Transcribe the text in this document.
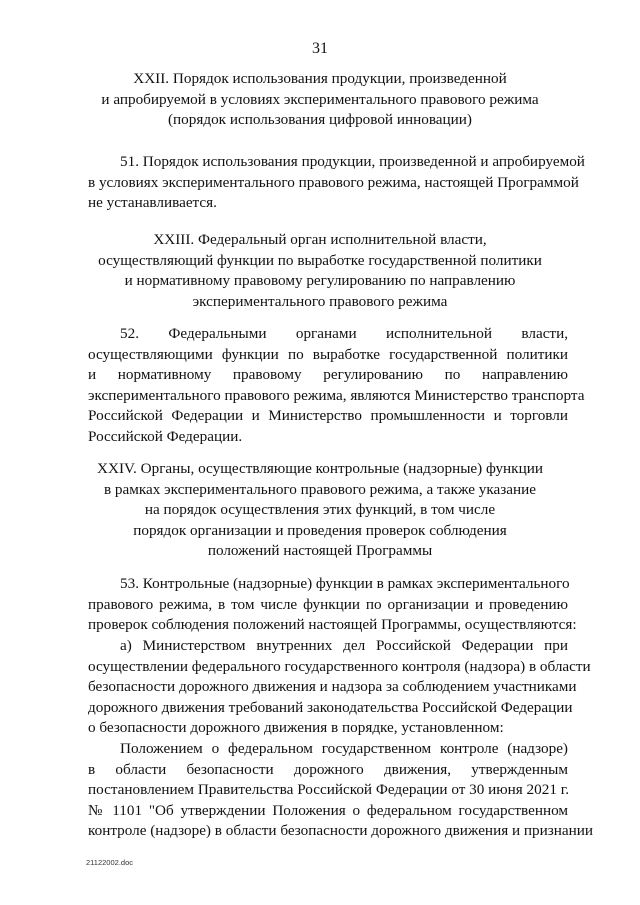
31
XXII. Порядок использования продукции, произведенной
и апробируемой в условиях экспериментального правового режима
(порядок использования цифровой инновации)
51. Порядок использования продукции, произведенной и апробируемой
в условиях экспериментального правового режима, настоящей Программой
не устанавливается.
XXIII. Федеральный орган исполнительной власти,
осуществляющий функции по выработке государственной политики
и нормативному правовому регулированию по направлению
экспериментального правового режима
52. Федеральными органами исполнительной власти,
осуществляющими функции по выработке государственной политики
и нормативному правовому регулированию по направлению
экспериментального правового режима, являются Министерство транспорта
Российской Федерации и Министерство промышленности и торговли
Российской Федерации.
XXIV. Органы, осуществляющие контрольные (надзорные) функции
в рамках экспериментального правового режима, а также указание
на порядок осуществления этих функций, в том числе
порядок организации и проведения проверок соблюдения
положений настоящей Программы
53. Контрольные (надзорные) функции в рамках экспериментального
правового режима, в том числе функции по организации и проведению
проверок соблюдения положений настоящей Программы, осуществляются:
а) Министерством внутренних дел Российской Федерации при
осуществлении федерального государственного контроля (надзора) в области
безопасности дорожного движения и надзора за соблюдением участниками
дорожного движения требований законодательства Российской Федерации
о безопасности дорожного движения в порядке, установленном:
Положением о федеральном государственном контроле (надзоре)
в области безопасности дорожного движения, утвержденным
постановлением Правительства Российской Федерации от 30 июня 2021 г.
№ 1101 "Об утверждении Положения о федеральном государственном
контроле (надзоре) в области безопасности дорожного движения и признании
21122002.doc
